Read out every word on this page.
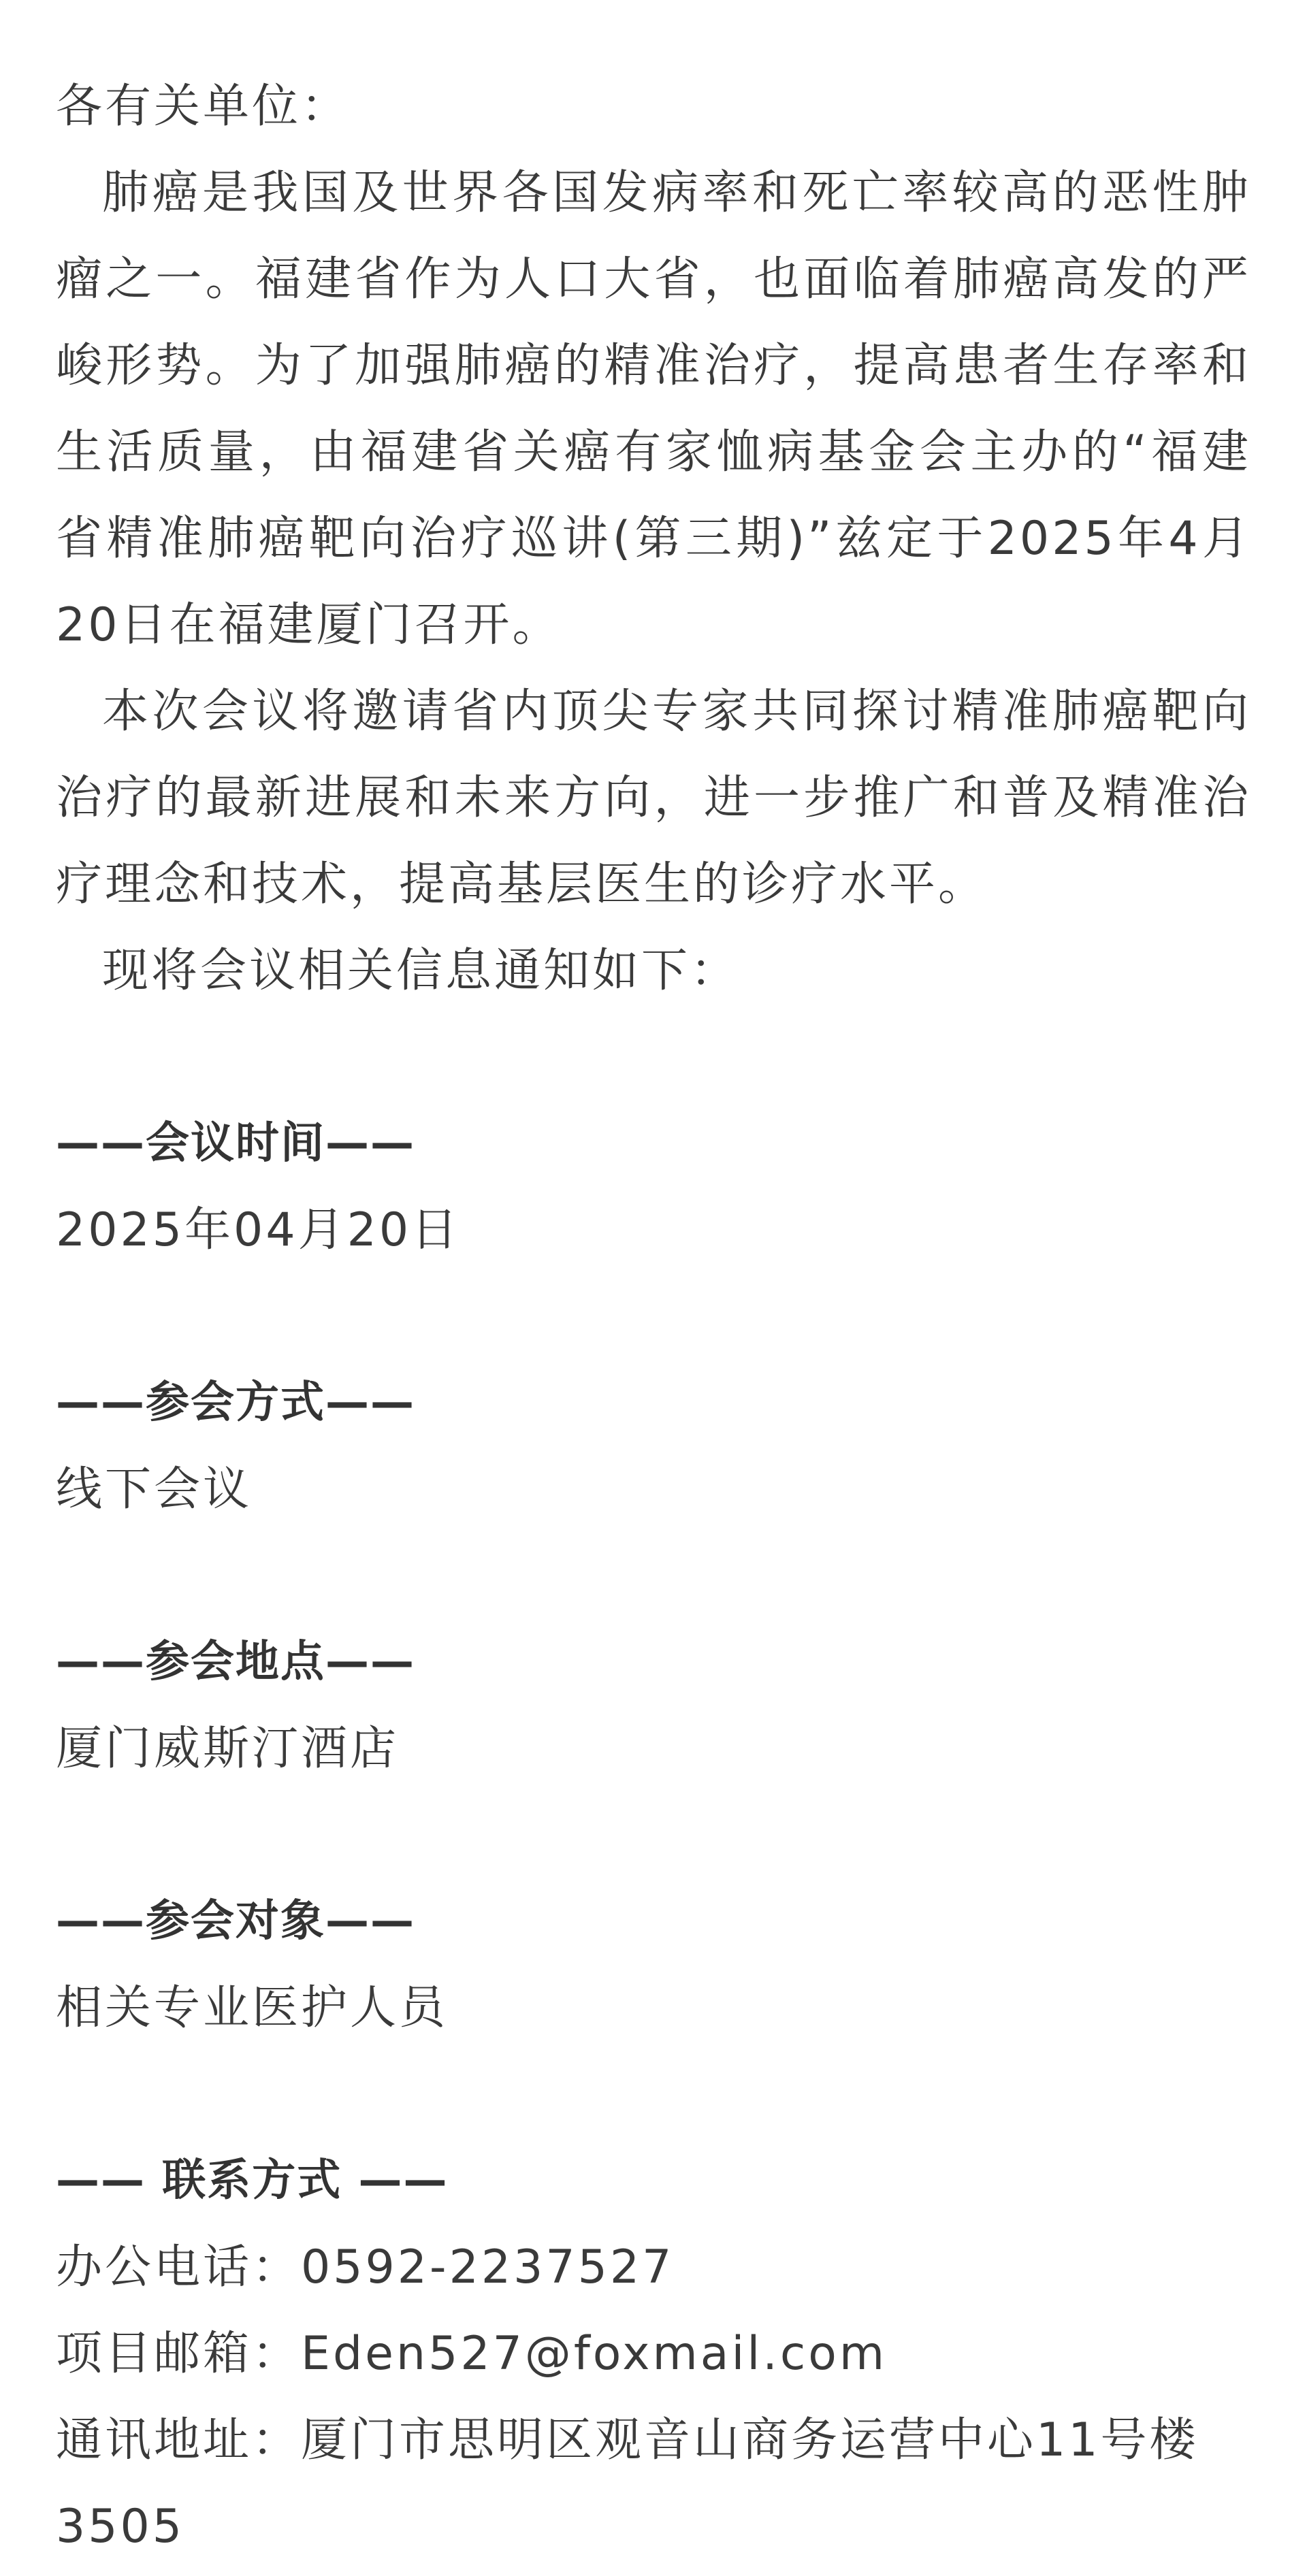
各有关单位：

肺癌是我国及世界各国发病率和死亡率较高的恶性肿瘤之一。福建省作为人口大省，也面临着肺癌高发的严峻形势。为了加强肺癌的精准治疗，提高患者生存率和生活质量，由福建省关癌有家恤病基金会主办的“福建省精准肺癌靶向治疗巡讲(第三期)”兹定于2025年4月20日在福建厦门召开。

本次会议将邀请省内顶尖专家共同探讨精准肺癌靶向治疗的最新进展和未来方向，进一步推广和普及精准治疗理念和技术，提高基层医生的诊疗水平。

现将会议相关信息通知如下：

——会议时间——

2025年04月20日

——参会方式——

线下会议

——参会地点——

厦门威斯汀酒店

——参会对象——

相关专业医护人员

—— 联系方式 ——

办公电话：0592-2237527

项目邮箱：Eden527@foxmail.com

通讯地址：厦门市思明区观音山商务运营中心11号楼3505
